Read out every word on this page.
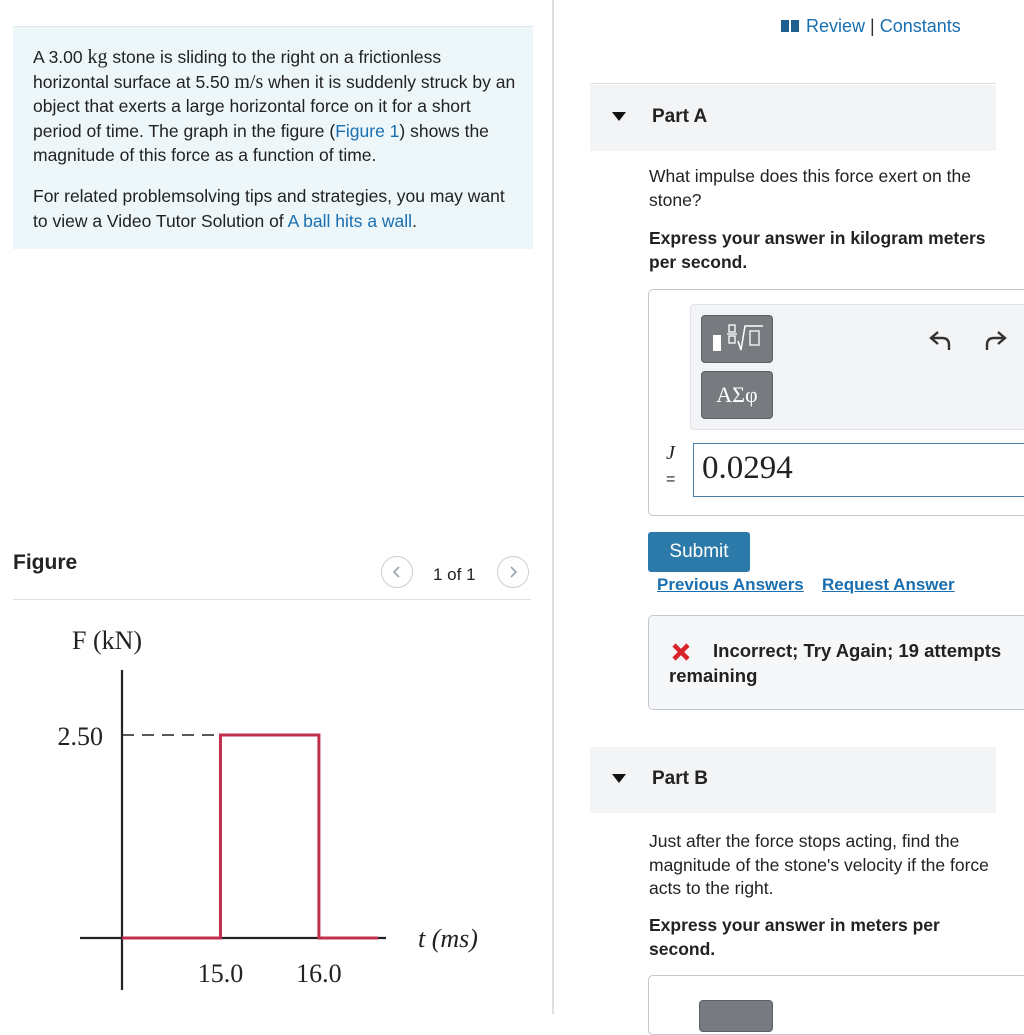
A 3.00 kg stone is sliding to the right on a frictionless horizontal surface at 5.50 m/s when it is suddenly struck by an object that exerts a large horizontal force on it for a short period of time. The graph in the figure (Figure 1) shows the magnitude of this force as a function of time.

For related problemsolving tips and strategies, you may want to view a Video Tutor Solution of A ball hits a wall.

Figure
1 of 1
F (kN)
2.50
15.0 16.0
t (ms)
Review | Constants
Part A
What impulse does this force exert on the stone?
Express your answer in kilogram meters per second.
ΑΣφ
J
= 0.0294
Submit
Previous Answers Request Answer
Incorrect; Try Again; 19 attempts
remaining
Part B
Just after the force stops acting, find the magnitude of the stone's velocity if the force acts to the right.
Express your answer in meters per second.
